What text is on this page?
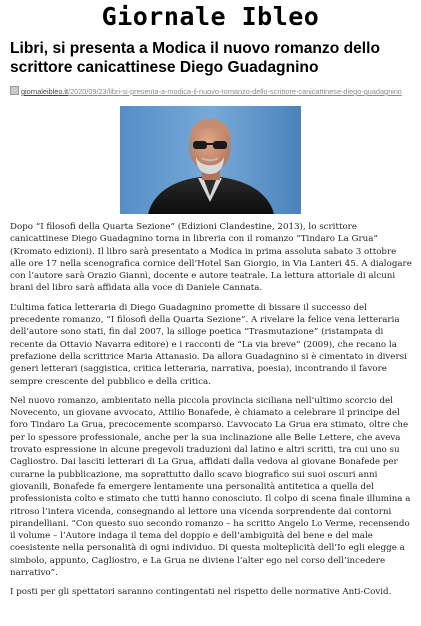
Giornale Ibleo
Libri, si presenta a Modica il nuovo romanzo dello scrittore canicattinese Diego Guadagnino
giornaleibleo.it/2020/09/23/libri-si-presenta-a-modica-il-nuovo-romanzo-dello-scrittore-canicattinese-diego-guadagnino

Dopo “I filosofi della Quarta Sezione” (Edizioni Clandestine, 2013), lo scrittore canicattinese Diego Guadagnino torna in libreria con il romanzo “Tindaro La Grua” (Kromato edizioni). Il libro sarà presentato a Modica in prima assoluta sabato 3 ottobre alle ore 17 nella scenografica cornice dell’Hotel San Giorgio, in Via Lanteri 45. A dialogare con l’autore sarà Orazio Giannì, docente e autore teatrale. La lettura attoriale di alcuni brani del libro sarà affidata alla voce di Daniele Cannata.

L’ultima fatica letteraria di Diego Guadagnino promette di bissare il successo del precedente romanzo, “I filosofi della Quarta Sezione”. A rivelare la felice vena letteraria dell’autore sono stati, fin dal 2007, la silloge poetica “Trasmutazione” (ristampata di recente da Ottavio Navarra editore) e i racconti de “La via breve” (2009), che recano la prefazione della scrittrice Maria Attanasio. Da allora Guadagnino si è cimentato in diversi generi letterari (saggistica, critica letteraria, narrativa, poesia), incontrando il favore sempre crescente del pubblico e della critica.

Nel nuovo romanzo, ambientato nella piccola provincia siciliana nell’ultimo scorcio del Novecento, un giovane avvocato, Attilio Bonafede, è chiamato a celebrare il principe del foro Tindaro La Grua, precocemente scomparso. L’avvocato La Grua era stimato, oltre che per lo spessore professionale, anche per la sua inclinazione alle Belle Lettere, che aveva trovato espressione in alcune pregevoli traduzioni dal latino e altri scritti, tra cui uno su Cagliostro. Dai lasciti letterari di La Grua, affidati dalla vedova al giovane Bonafede per curarne la pubblicazione, ma soprattutto dallo scavo biografico sui suoi oscuri anni giovanili, Bonafede fa emergere lentamente una personalità antitetica a quella del professionista colto e stimato che tutti hanno conosciuto. Il colpo di scena finale illumina a ritroso l’intera vicenda, consegnando al lettore una vicenda sorprendente dai contorni pirandelliani. “Con questo suo secondo romanzo – ha scritto Angelo Lo Verme, recensendo il volume – l’Autore indaga il tema del doppio e dell’ambiguità del bene e del male coesistente nella personalità di ogni individuo. Di questa molteplicità dell’Io egli elegge a simbolo, appunto, Cagliostro, e La Grua ne diviene l’alter ego nel corso dell’incedere narrativo”.

I posti per gli spettatori saranno contingentati nel rispetto delle normative Anti-Covid.
